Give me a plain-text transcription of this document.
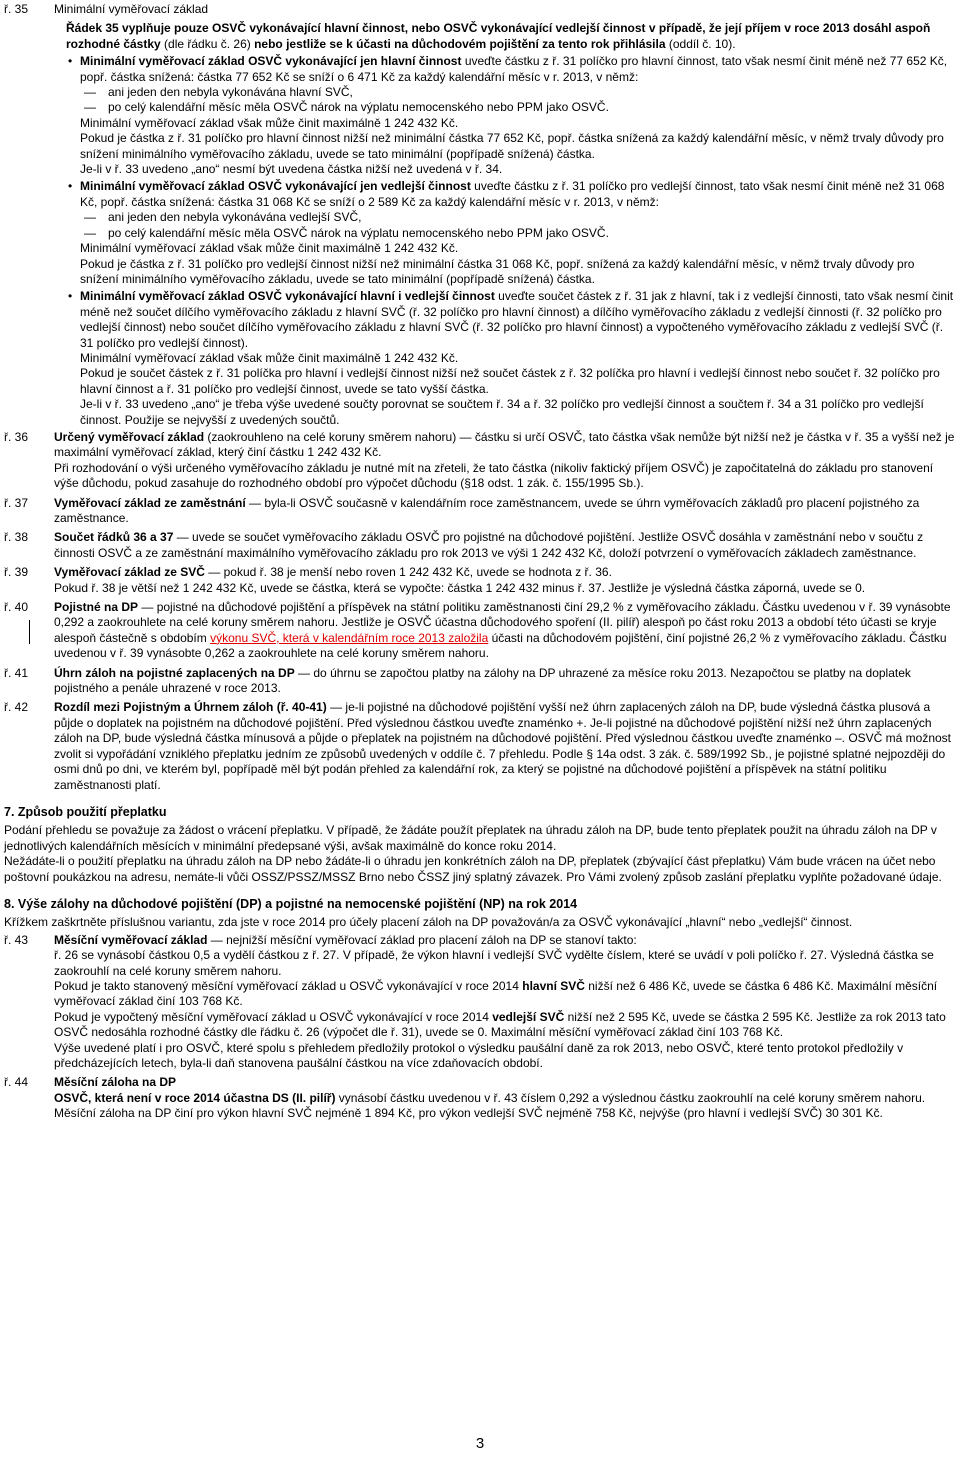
ř. 35	Minimální vyměřovací základ

Řádek 35 vyplňuje pouze OSVČ vykonávající hlavní činnost, nebo OSVČ vykonávající vedlejší činnost v případě, že její příjem v roce 2013 dosáhl aspoň rozhodné částky (dle řádku č. 26) nebo jestliže se k účasti na důchodovém pojištění za tento rok přihlásila (oddíl č. 10).

• Minimální vyměřovací základ OSVČ vykonávající jen hlavní činnost uveďte částku z ř. 31 políčko pro hlavní činnost, tato však nesmí činit méně než 77 652 Kč, popř. částka snížená: částka 77 652 Kč se sníží o 6 471 Kč za každý kalendářní měsíc v r. 2013, v němž:

— ani jeden den nebyla vykonávána hlavní SVČ,

— po celý kalendářní měsíc měla OSVČ nárok na výplatu nemocenského nebo PPM jako OSVČ.

Minimální vyměřovací základ však může činit maximálně 1 242 432 Kč.

Pokud je částka z ř. 31 políčko pro hlavní činnost nižší než minimální částka 77 652 Kč, popř. částka snížená za každý kalendářní měsíc, v němž trvaly důvody pro snížení minimálního vyměřovacího základu, uvede se tato minimální (popřípadě snížená) částka.

Je-li v ř. 33 uvedeno „ano“ nesmí být uvedena částka nižší než uvedená v ř. 34.

• Minimální vyměřovací základ OSVČ vykonávající jen vedlejší činnost uveďte částku z ř. 31 políčko pro vedlejší činnost, tato však nesmí činit méně než 31 068 Kč, popř. částka snížená: částka 31 068 Kč se sníží o 2 589 Kč za každý kalendářní měsíc v r. 2013, v němž:

— ani jeden den nebyla vykonávána vedlejší SVČ,

— po celý kalendářní měsíc měla OSVČ nárok na výplatu nemocenského nebo PPM jako OSVČ.

Minimální vyměřovací základ však může činit maximálně 1 242 432 Kč.

Pokud je částka z ř. 31 políčko pro vedlejší činnost nižší než minimální částka 31 068 Kč, popř. snížená za každý kalendářní měsíc, v němž trvaly důvody pro snížení minimálního vyměřovacího základu, uvede se tato minimální (popřípadě snížená) částka.

• Minimální vyměřovací základ OSVČ vykonávající hlavní i vedlejší činnost uveďte součet částek z ř. 31 jak z hlavní, tak i z vedlejší činnosti, tato však nesmí činit méně než součet dílčího vyměřovacího základu z hlavní SVČ (ř. 32 políčko pro hlavní činnost) a dílčího vyměřovacího základu z vedlejší činnosti (ř. 32 políčko pro vedlejší činnost) nebo součet dílčího vyměřovacího základu z hlavní SVČ (ř. 32 políčko pro hlavní činnost) a vypočteného vyměřovacího základu z vedlejší SVČ (ř. 31 políčko pro vedlejší činnost).

Minimální vyměřovací základ však může činit maximálně 1 242 432 Kč.

Pokud je součet částek z ř. 31 políčka pro hlavní i vedlejší činnost nižší než součet částek z ř. 32 políčka pro hlavní i vedlejší činnost nebo součet ř. 32 políčko pro hlavní činnost a ř. 31 políčko pro vedlejší činnost, uvede se tato vyšší částka.

Je-li v ř. 33 uvedeno „ano“ je třeba výše uvedené součty porovnat se součtem ř. 34 a ř. 32 políčko pro vedlejší činnost a součtem ř. 34 a 31 políčko pro vedlejší činnost. Použije se nejvyšší z uvedených součtů.

ř. 36	Určený vyměřovací základ (zaokrouhleno na celé koruny směrem nahoru) — částku si určí OSVČ, tato částka však nemůže být nižší než je částka v ř. 35 a vyšší než je maximální vyměřovací základ, který činí částku 1 242 432 Kč.

Při rozhodování o výši určeného vyměřovacího základu je nutné mít na zřeteli, že tato částka (nikoliv faktický příjem OSVČ) je započitatelná do základu pro stanovení výše důchodu, pokud zasahuje do rozhodného období pro výpočet důchodu (§18 odst. 1 zák. č. 155/1995 Sb.).

ř. 37	Vyměřovací základ ze zaměstnání — byla-li OSVČ současně v kalendářním roce zaměstnancem, uvede se úhrn vyměřovacích základů pro placení pojistného za zaměstnance.

ř. 38	Součet řádků 36 a 37 — uvede se součet vyměřovacího základu OSVČ pro pojistné na důchodové pojištění. Jestliže OSVČ dosáhla v zaměstnání nebo v součtu z činnosti OSVČ a ze zaměstnání maximálního vyměřovacího základu pro rok 2013 ve výši 1 242 432 Kč, doloží potvrzení o vyměřovacích základech zaměstnance.

ř. 39	Vyměřovací základ ze SVČ — pokud ř. 38 je menší nebo roven 1 242 432 Kč, uvede se hodnota z ř. 36.

Pokud ř. 38 je větší než 1 242 432 Kč, uvede se částka, která se vypočte: částka 1 242 432 minus ř. 37. Jestliže je výsledná částka záporná, uvede se 0.

ř. 40	Pojistné na DP — pojistné na důchodové pojištění a příspěvek na státní politiku zaměstnanosti činí 29,2 % z vyměřovacího základu. Částku uvedenou v ř. 39 vynásobte 0,292 a zaokrouhlete na celé koruny směrem nahoru. Jestliže je OSVČ účastna důchodového spoření (II. pilíř) alespoň po část roku 2013 a období této účasti se kryje alespoň částečně s obdobím výkonu SVČ, která v kalendářním roce 2013 založila účasti na důchodovém pojištění, činí pojistné 26,2 % z vyměřovacího základu. Částku uvedenou v ř. 39 vynásobte 0,262 a zaokrouhlete na celé koruny směrem nahoru.

ř. 41	Úhrn záloh na pojistné zaplacených na DP — do úhrnu se započtou platby na zálohy na DP uhrazené za měsíce roku 2013. Nezapočtou se platby na doplatek pojistného a penále uhrazené v roce 2013.

ř. 42	Rozdíl mezi Pojistným a Úhrnem záloh (ř. 40-41) — je-li pojistné na důchodové pojištění vyšší než úhrn zaplacených záloh na DP, bude výsledná částka plusová a půjde o doplatek na pojistném na důchodové pojištění. Před výslednou částkou uveďte znaménko +. Je-li pojistné na důchodové pojištění nižší než úhrn zaplacených záloh na DP, bude výsledná částka mínusová a půjde o přeplatek na pojistném na důchodové pojištění. Před výslednou částkou uveďte znaménko –. OSVČ má možnost zvolit si vypořádání vzniklého přeplatku jedním ze způsobů uvedených v oddíle č. 7 přehledu. Podle § 14a odst. 3 zák. č. 589/1992 Sb., je pojistné splatné nejpozději do osmi dnů po dni, ve kterém byl, popřípadě měl být podán přehled za kalendářní rok, za který se pojistné na důchodové pojištění a příspěvek na státní politiku zaměstnanosti platí.

7. Způsob použití přeplatku

Podání přehledu se považuje za žádost o vrácení přeplatku. V případě, že žádáte použít přeplatek na úhradu záloh na DP, bude tento přeplatek použit na úhradu záloh na DP v jednotlivých kalendářních měsících v minimální předepsané výši, avšak maximálně do konce roku 2014.

Nežádáte-li o použití přeplatku na úhradu záloh na DP nebo žádáte-li o úhradu jen konkrétních záloh na DP, přeplatek (zbývající část přeplatku) Vám bude vrácen na účet nebo poštovní poukázkou na adresu, nemáte-li vůči OSSZ/PSSZ/MSSZ Brno nebo ČSSZ jiný splatný závazek. Pro Vámi zvolený způsob zaslání přeplatku vyplňte požadované údaje.

8. Výše zálohy na důchodové pojištění (DP) a pojistné na nemocenské pojištění (NP) na rok 2014

Křížkem zaškrtněte příslušnou variantu, zda jste v roce 2014 pro účely placení záloh na DP považován/a za OSVČ vykonávající „hlavní“ nebo „vedlejší“ činnost.

ř. 43	Měsíční vyměřovací základ — nejnižší měsíční vyměřovací základ pro placení záloh na DP se stanoví takto:

ř. 26 se vynásobí částkou 0,5 a vydělí částkou z ř. 27. V případě, že výkon hlavní i vedlejší SVČ vydělte číslem, které se uvádí v poli políčko ř. 27. Výsledná částka se zaokrouhlí na celé koruny směrem nahoru.

Pokud je takto stanovený měsíční vyměřovací základ u OSVČ vykonávající v roce 2014 hlavní SVČ nižší než 6 486 Kč, uvede se částka 6 486 Kč. Maximální měsíční vyměřovací základ činí 103 768 Kč.

Pokud je vypočtený měsíční vyměřovací základ u OSVČ vykonávající v roce 2014 vedlejší SVČ nižší než 2 595 Kč, uvede se částka 2 595 Kč. Jestliže za rok 2013 tato OSVČ nedosáhla rozhodné částky dle řádku č. 26 (výpočet dle ř. 31), uvede se 0. Maximální měsíční vyměřovací základ činí 103 768 Kč.

Výše uvedené platí i pro OSVČ, které spolu s přehledem předložily protokol o výsledku paušální daně za rok 2013, nebo OSVČ, které tento protokol předložily v předcházejících letech, byla-li daň stanovena paušální částkou na více zdaňovacích období.

ř. 44	Měsíční záloha na DP

OSVČ, která není v roce 2014 účastna DS (II. pilíř) vynásobí částku uvedenou v ř. 43 číslem 0,292 a výslednou částku zaokrouhlí na celé koruny směrem nahoru. Měsíční záloha na DP činí pro výkon hlavní SVČ nejméně 1 894 Kč, pro výkon vedlejší SVČ nejméně 758 Kč, nejvýše (pro hlavní i vedlejší SVČ) 30 301 Kč.

3
